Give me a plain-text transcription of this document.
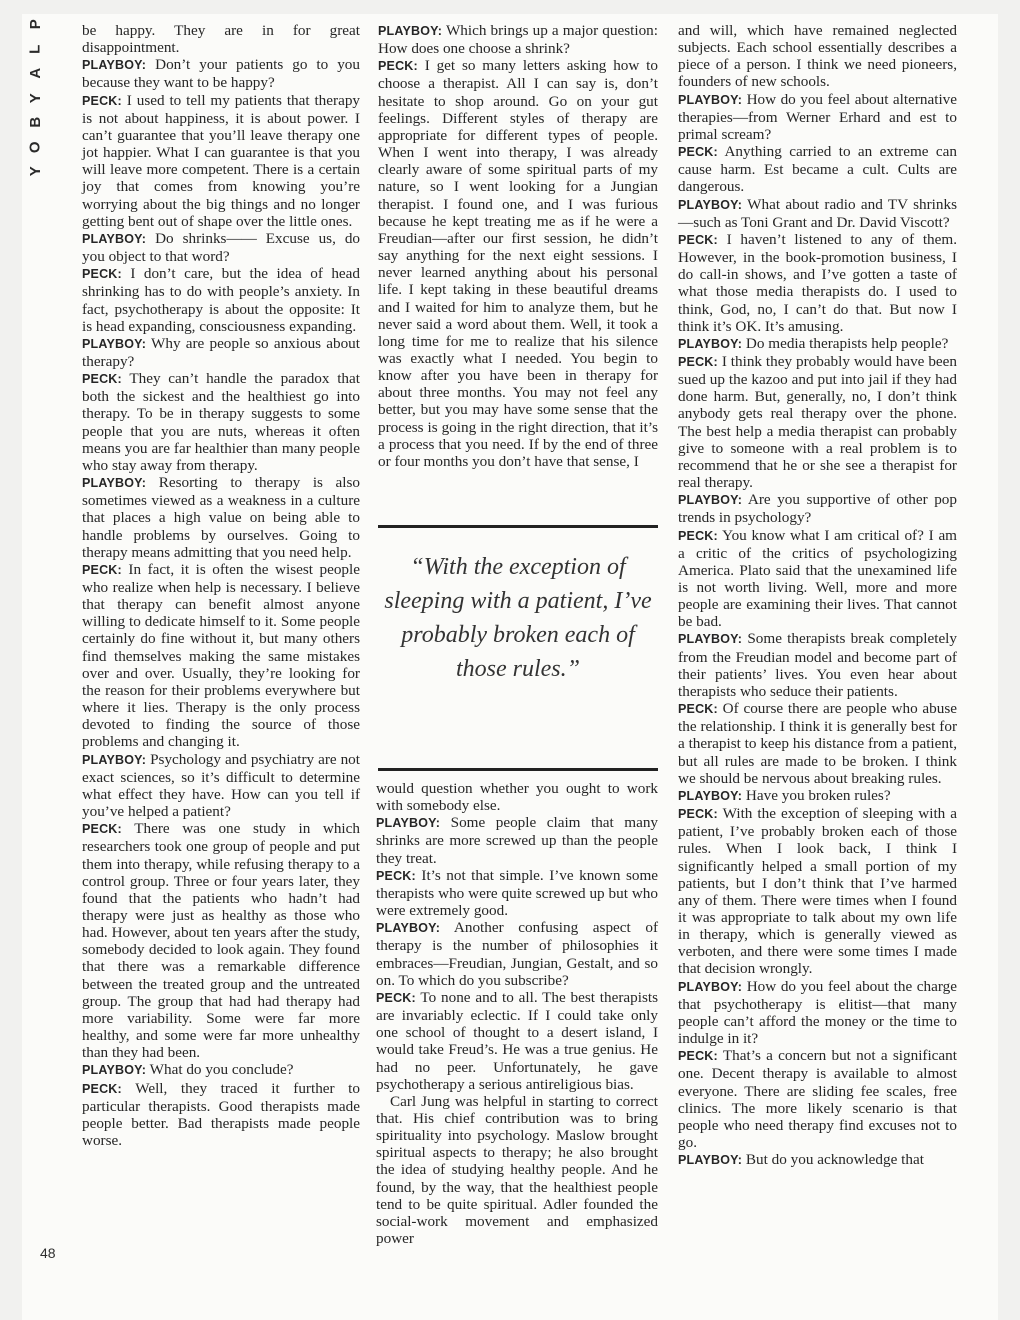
P
L
A
Y
B
O
Y

be happy. They are in for great disappointment.

PLAYBOY: Don’t your patients go to you because they want to be happy?

PECK: I used to tell my patients that therapy is not about happiness, it is about power. I can’t guarantee that you’ll leave therapy one jot happier. What I can guarantee is that you will leave more competent. There is a certain joy that comes from knowing you’re worrying about the big things and no longer getting bent out of shape over the little ones.

PLAYBOY: Do shrinks—— Excuse us, do you object to that word?

PECK: I don’t care, but the idea of head shrinking has to do with people’s anxiety. In fact, psychotherapy is about the opposite: It is head expanding, consciousness expanding.

PLAYBOY: Why are people so anxious about therapy?

PECK: They can’t handle the paradox that both the sickest and the healthiest go into therapy. To be in therapy suggests to some people that you are nuts, whereas it often means you are far healthier than many people who stay away from therapy.

PLAYBOY: Resorting to therapy is also sometimes viewed as a weakness in a culture that places a high value on being able to handle problems by ourselves. Going to therapy means admitting that you need help.

PECK: In fact, it is often the wisest people who realize when help is necessary. I believe that therapy can benefit almost anyone willing to dedicate himself to it. Some people certainly do fine without it, but many others find themselves making the same mistakes over and over. Usually, they’re looking for the reason for their problems everywhere but where it lies. Therapy is the only process devoted to finding the source of those problems and changing it.

PLAYBOY: Psychology and psychiatry are not exact sciences, so it’s difficult to determine what effect they have. How can you tell if you’ve helped a patient?

PECK: There was one study in which researchers took one group of people and put them into therapy, while refusing therapy to a control group. Three or four years later, they found that the patients who hadn’t had therapy were just as healthy as those who had. However, about ten years after the study, somebody decided to look again. They found that there was a remarkable difference between the treated group and the untreated group. The group that had had therapy had more variability. Some were far more healthy, and some were far more unhealthy than they had been.

PLAYBOY: What do you conclude?

PECK: Well, they traced it further to particular therapists. Good therapists made people better. Bad therapists made people worse.

PLAYBOY: Which brings up a major question: How does one choose a shrink?

PECK: I get so many letters asking how to choose a therapist. All I can say is, don’t hesitate to shop around. Go on your gut feelings. Different styles of therapy are appropriate for different types of people. When I went into therapy, I was already clearly aware of some spiritual parts of my nature, so I went looking for a Jungian therapist. I found one, and I was furious because he kept treating me as if he were a Freudian—after our first session, he didn’t say anything for the next eight sessions. I never learned anything about his personal life. I kept taking in these beautiful dreams and I waited for him to analyze them, but he never said a word about them. Well, it took a long time for me to realize that his silence was exactly what I needed. You begin to know after you have been in therapy for about three months. You may not feel any better, but you may have some sense that the process is going in the right direction, that it’s a process that you need. If by the end of three or four months you don’t have that sense, I

“With the exception of sleeping with a patient, I’ve probably broken each of those rules.”

would question whether you ought to work with somebody else.

PLAYBOY: Some people claim that many shrinks are more screwed up than the people they treat.

PECK: It’s not that simple. I’ve known some therapists who were quite screwed up but who were extremely good.

PLAYBOY: Another confusing aspect of therapy is the number of philosophies it embraces—Freudian, Jungian, Gestalt, and so on. To which do you subscribe?

PECK: To none and to all. The best therapists are invariably eclectic. If I could take only one school of thought to a desert island, I would take Freud’s. He was a true genius. He had no peer. Unfortunately, he gave psychotherapy a serious antireligious bias.

Carl Jung was helpful in starting to correct that. His chief contribution was to bring spirituality into psychology. Maslow brought spiritual aspects to therapy; he also brought the idea of studying healthy people. And he found, by the way, that the healthiest people tend to be quite spiritual. Adler founded the social-work movement and emphasized power

and will, which have remained neglected subjects. Each school essentially describes a piece of a person. I think we need pioneers, founders of new schools.

PLAYBOY: How do you feel about alternative therapies—from Werner Erhard and est to primal scream?

PECK: Anything carried to an extreme can cause harm. Est became a cult. Cults are dangerous.

PLAYBOY: What about radio and TV shrinks—such as Toni Grant and Dr. David Viscott?

PECK: I haven’t listened to any of them. However, in the book-promotion business, I do call-in shows, and I’ve gotten a taste of what those media therapists do. I used to think, God, no, I can’t do that. But now I think it’s OK. It’s amusing.

PLAYBOY: Do media therapists help people?

PECK: I think they probably would have been sued up the kazoo and put into jail if they had done harm. But, generally, no, I don’t think anybody gets real therapy over the phone. The best help a media therapist can probably give to someone with a real problem is to recommend that he or she see a therapist for real therapy.

PLAYBOY: Are you supportive of other pop trends in psychology?

PECK: You know what I am critical of? I am a critic of the critics of psychologizing America. Plato said that the unexamined life is not worth living. Well, more and more people are examining their lives. That cannot be bad.

PLAYBOY: Some therapists break completely from the Freudian model and become part of their patients’ lives. You even hear about therapists who seduce their patients.

PECK: Of course there are people who abuse the relationship. I think it is generally best for a therapist to keep his distance from a patient, but all rules are made to be broken. I think we should be nervous about breaking rules.

PLAYBOY: Have you broken rules?

PECK: With the exception of sleeping with a patient, I’ve probably broken each of those rules. When I look back, I think I significantly helped a small portion of my patients, but I don’t think that I’ve harmed any of them. There were times when I found it was appropriate to talk about my own life in therapy, which is generally viewed as verboten, and there were some times I made that decision wrongly.

PLAYBOY: How do you feel about the charge that psychotherapy is elitist—that many people can’t afford the money or the time to indulge in it?

PECK: That’s a concern but not a significant one. Decent therapy is available to almost everyone. There are sliding fee scales, free clinics. The more likely scenario is that people who need therapy find excuses not to go.

PLAYBOY: But do you acknowledge that

48
